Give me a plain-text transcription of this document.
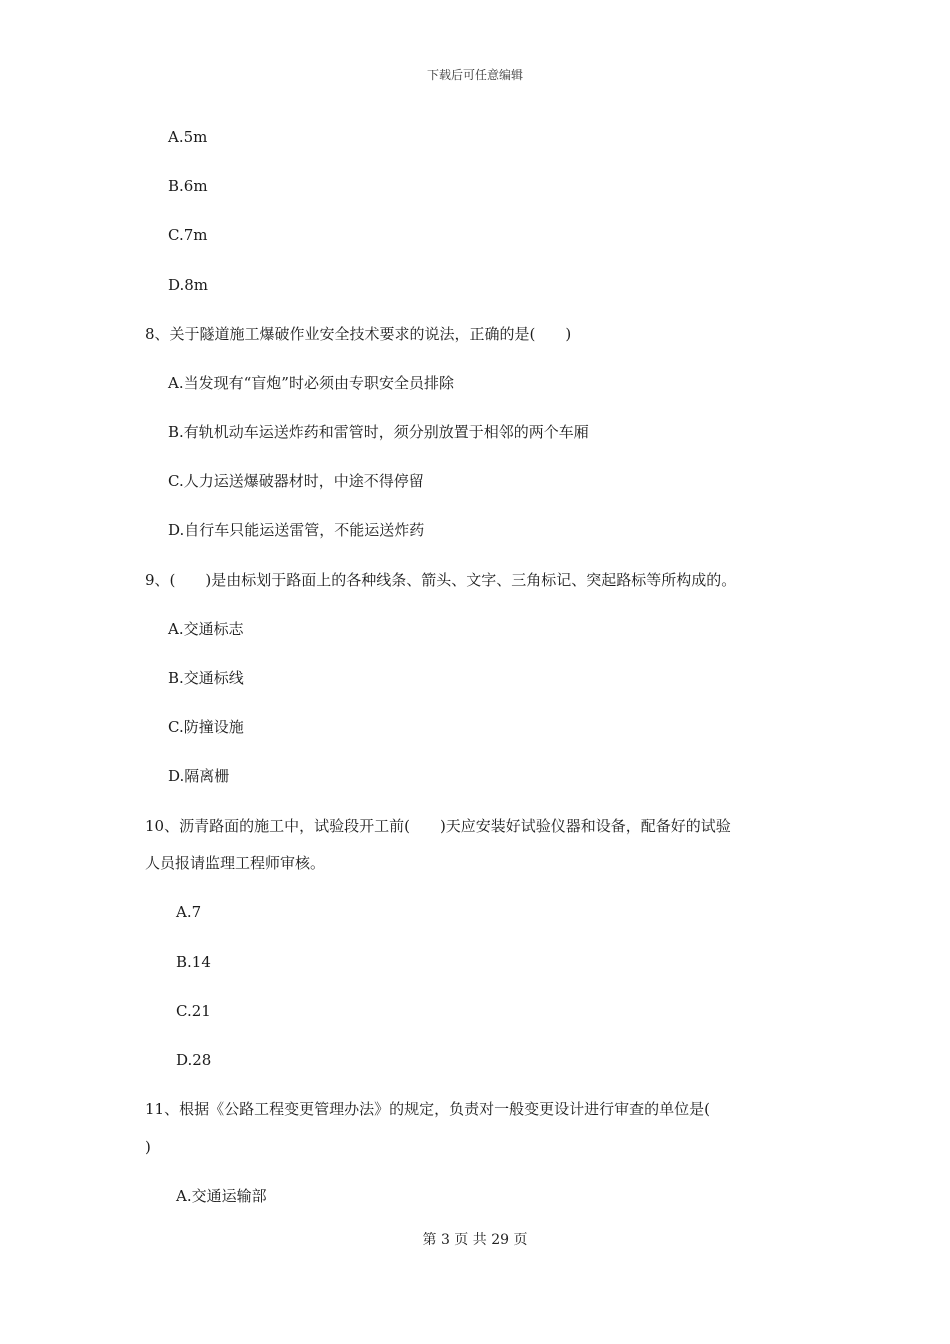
下载后可任意编辑
A.5m
B.6m
C.7m
D.8m
8、关于隧道施工爆破作业安全技术要求的说法，正确的是(　　)
A.当发现有“盲炮”时必须由专职安全员排除
B.有轨机动车运送炸药和雷管时，须分别放置于相邻的两个车厢
C.人力运送爆破器材时，中途不得停留
D.自行车只能运送雷管，不能运送炸药
9、(　　)是由标划于路面上的各种线条、箭头、文字、三角标记、突起路标等所构成的。
A.交通标志
B.交通标线
C.防撞设施
D.隔离栅
10、沥青路面的施工中，试验段开工前(　　)天应安装好试验仪器和设备，配备好的试验
人员报请监理工程师审核。
A.7
B.14
C.21
D.28
11、根据《公路工程变更管理办法》的规定，负责对一般变更设计进行审查的单位是(
)
A.交通运输部
第 3 页 共 29 页
